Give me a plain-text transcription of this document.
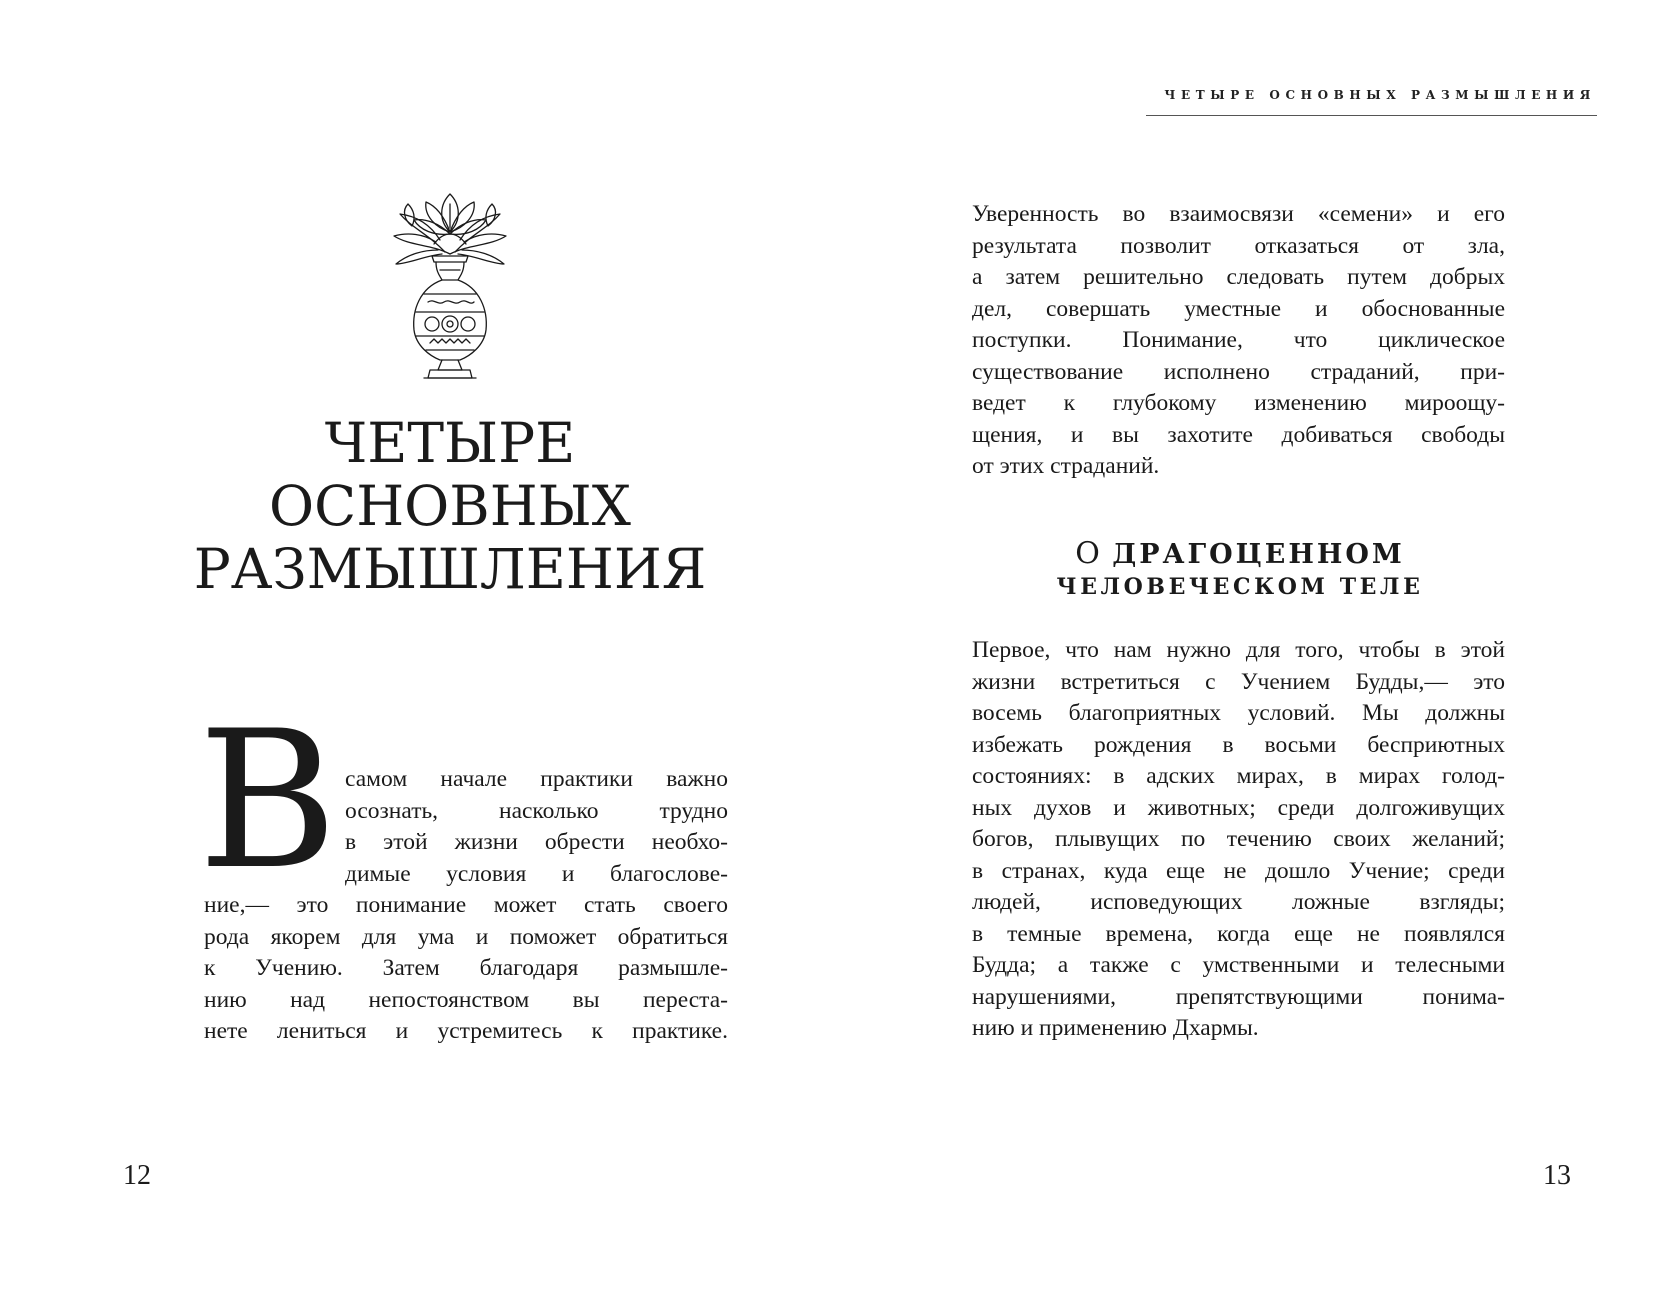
ЧЕТЫРЕ
ОСНОВНЫХ
РАЗМЫШЛЕНИЯ
В самом начале практики важно
осознать, насколько трудно
в этой жизни обрести необхо-
димые условия и благослове-
ние,— это понимание может стать своего
рода якорем для ума и поможет обратиться
к Учению. Затем благодаря размышле-
нию над непостоянством вы переста-
нете лениться и устремитесь к практике.
12
ЧЕТЫРЕ ОСНОВНЫХ РАЗМЫШЛЕНИЯ
Уверенность во взаимосвязи «семени» и его
результата позволит отказаться от зла,
а затем решительно следовать путем добрых
дел, совершать уместные и обоснованные
поступки. Понимание, что циклическое
существование исполнено страданий, при-
ведет к глубокому изменению мироощу-
щения, и вы захотите добиваться свободы
от этих страданий.
О ДРАГОЦЕННОМ
ЧЕЛОВЕЧЕСКОМ ТЕЛЕ
Первое, что нам нужно для того, чтобы в этой
жизни встретиться с Учением Будды,— это
восемь благоприятных условий. Мы должны
избежать рождения в восьми бесприютных
состояниях: в адских мирах, в мирах голод-
ных духов и животных; среди долгоживущих
богов, плывущих по течению своих желаний;
в странах, куда еще не дошло Учение; среди
людей, исповедующих ложные взгляды;
в темные времена, когда еще не появлялся
Будда; а также с умственными и телесными
нарушениями, препятствующими понима-
нию и применению Дхармы.
13
